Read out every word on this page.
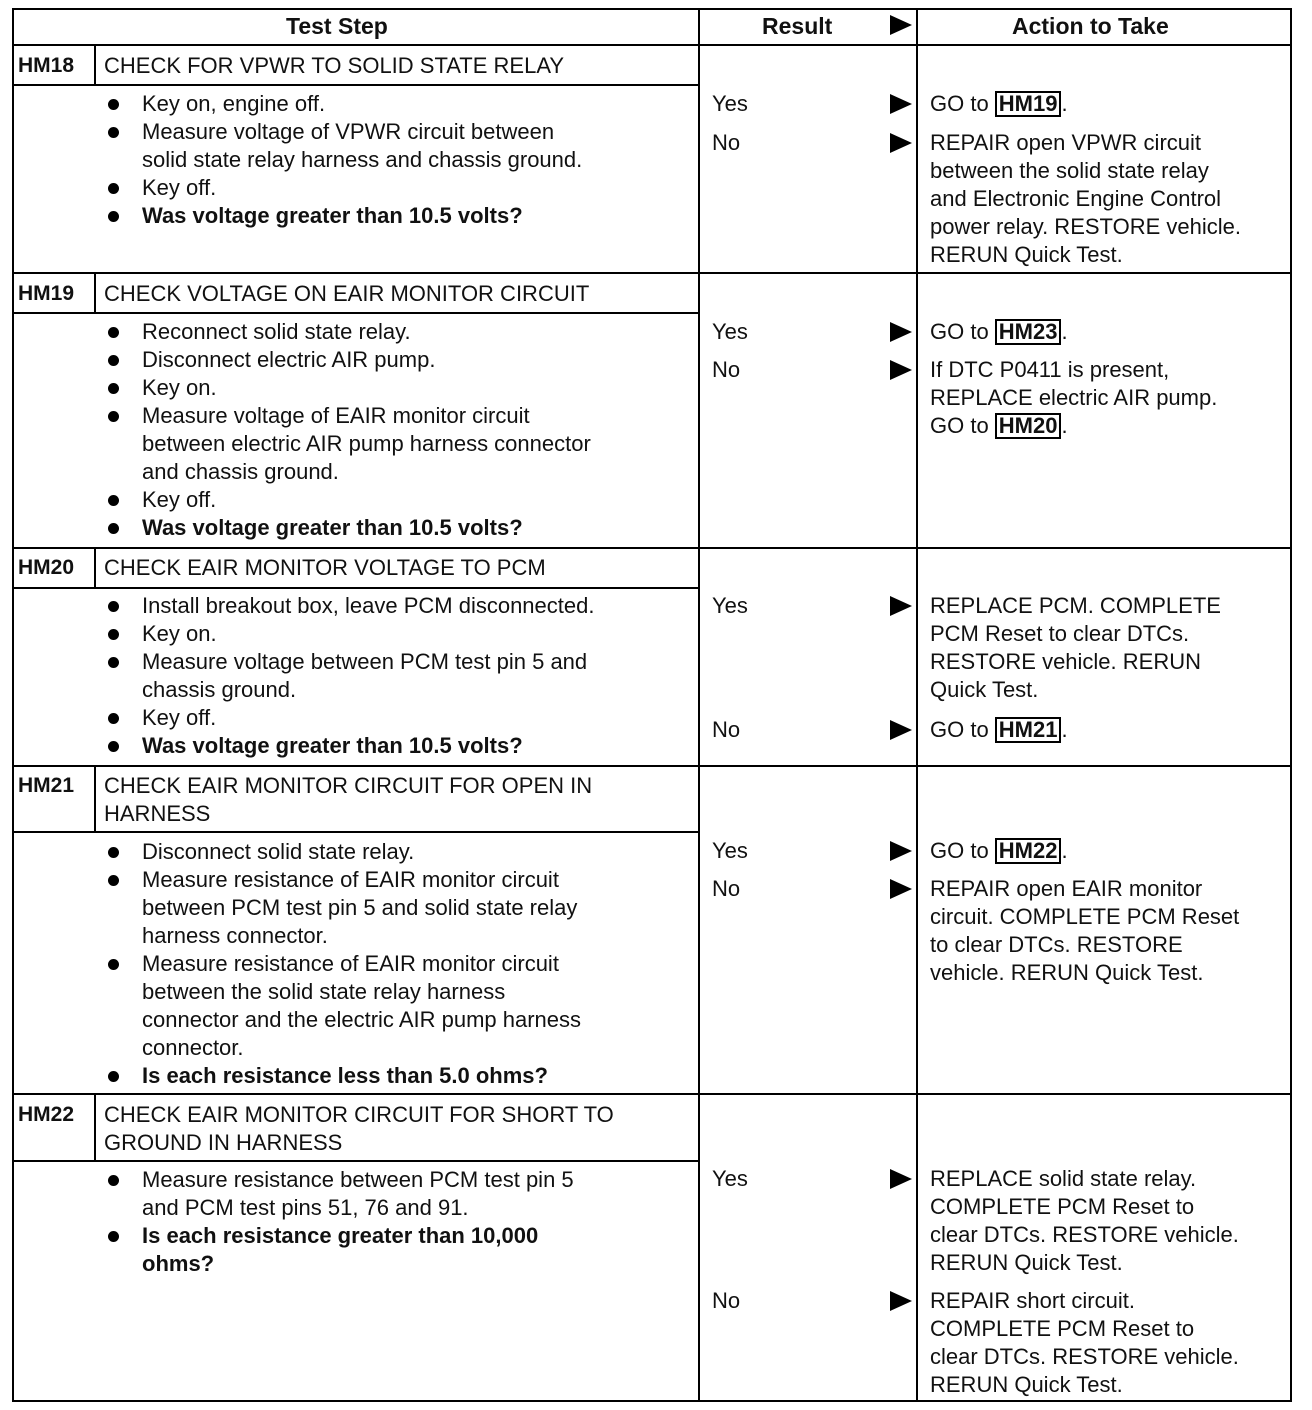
Test Step	Result	Action to Take
HM18 CHECK FOR VPWR TO SOLID STATE RELAY
Key on, engine off.
Measure voltage of VPWR circuit between
solid state relay harness and chassis ground.
Key off.
Was voltage greater than 10.5 volts?
Yes	GO to HM19 .
No	REPAIR open VPWR circuit
between the solid state relay
and Electronic Engine Control
power relay. RESTORE vehicle.
RERUN Quick Test.
HM19 CHECK VOLTAGE ON EAIR MONITOR CIRCUIT
Reconnect solid state relay.
Disconnect electric AIR pump.
Key on.
Measure voltage of EAIR monitor circuit
between electric AIR pump harness connector
and chassis ground.
Key off.
Was voltage greater than 10.5 volts?
Yes	GO to HM23 .
No	If DTC P0411 is present,
REPLACE electric AIR pump.
GO to HM20 .
HM20 CHECK EAIR MONITOR VOLTAGE TO PCM
Install breakout box, leave PCM disconnected.
Key on.
Measure voltage between PCM test pin 5 and
chassis ground.
Key off.
Was voltage greater than 10.5 volts?
Yes	REPLACE PCM. COMPLETE
PCM Reset to clear DTCs.
RESTORE vehicle. RERUN
Quick Test.
No	GO to HM21 .
HM21 CHECK EAIR MONITOR CIRCUIT FOR OPEN IN
HARNESS
Disconnect solid state relay.
Measure resistance of EAIR monitor circuit
between PCM test pin 5 and solid state relay
harness connector.
Measure resistance of EAIR monitor circuit
between the solid state relay harness
connector and the electric AIR pump harness
connector.
Is each resistance less than 5.0 ohms?
Yes	GO to HM22 .
No	REPAIR open EAIR monitor
circuit. COMPLETE PCM Reset
to clear DTCs. RESTORE
vehicle. RERUN Quick Test.
HM22 CHECK EAIR MONITOR CIRCUIT FOR SHORT TO
GROUND IN HARNESS
Measure resistance between PCM test pin 5
and PCM test pins 51, 76 and 91.
Is each resistance greater than 10,000
ohms?
Yes	REPLACE solid state relay.
COMPLETE PCM Reset to
clear DTCs. RESTORE vehicle.
RERUN Quick Test.
No	REPAIR short circuit.
COMPLETE PCM Reset to
clear DTCs. RESTORE vehicle.
RERUN Quick Test.
